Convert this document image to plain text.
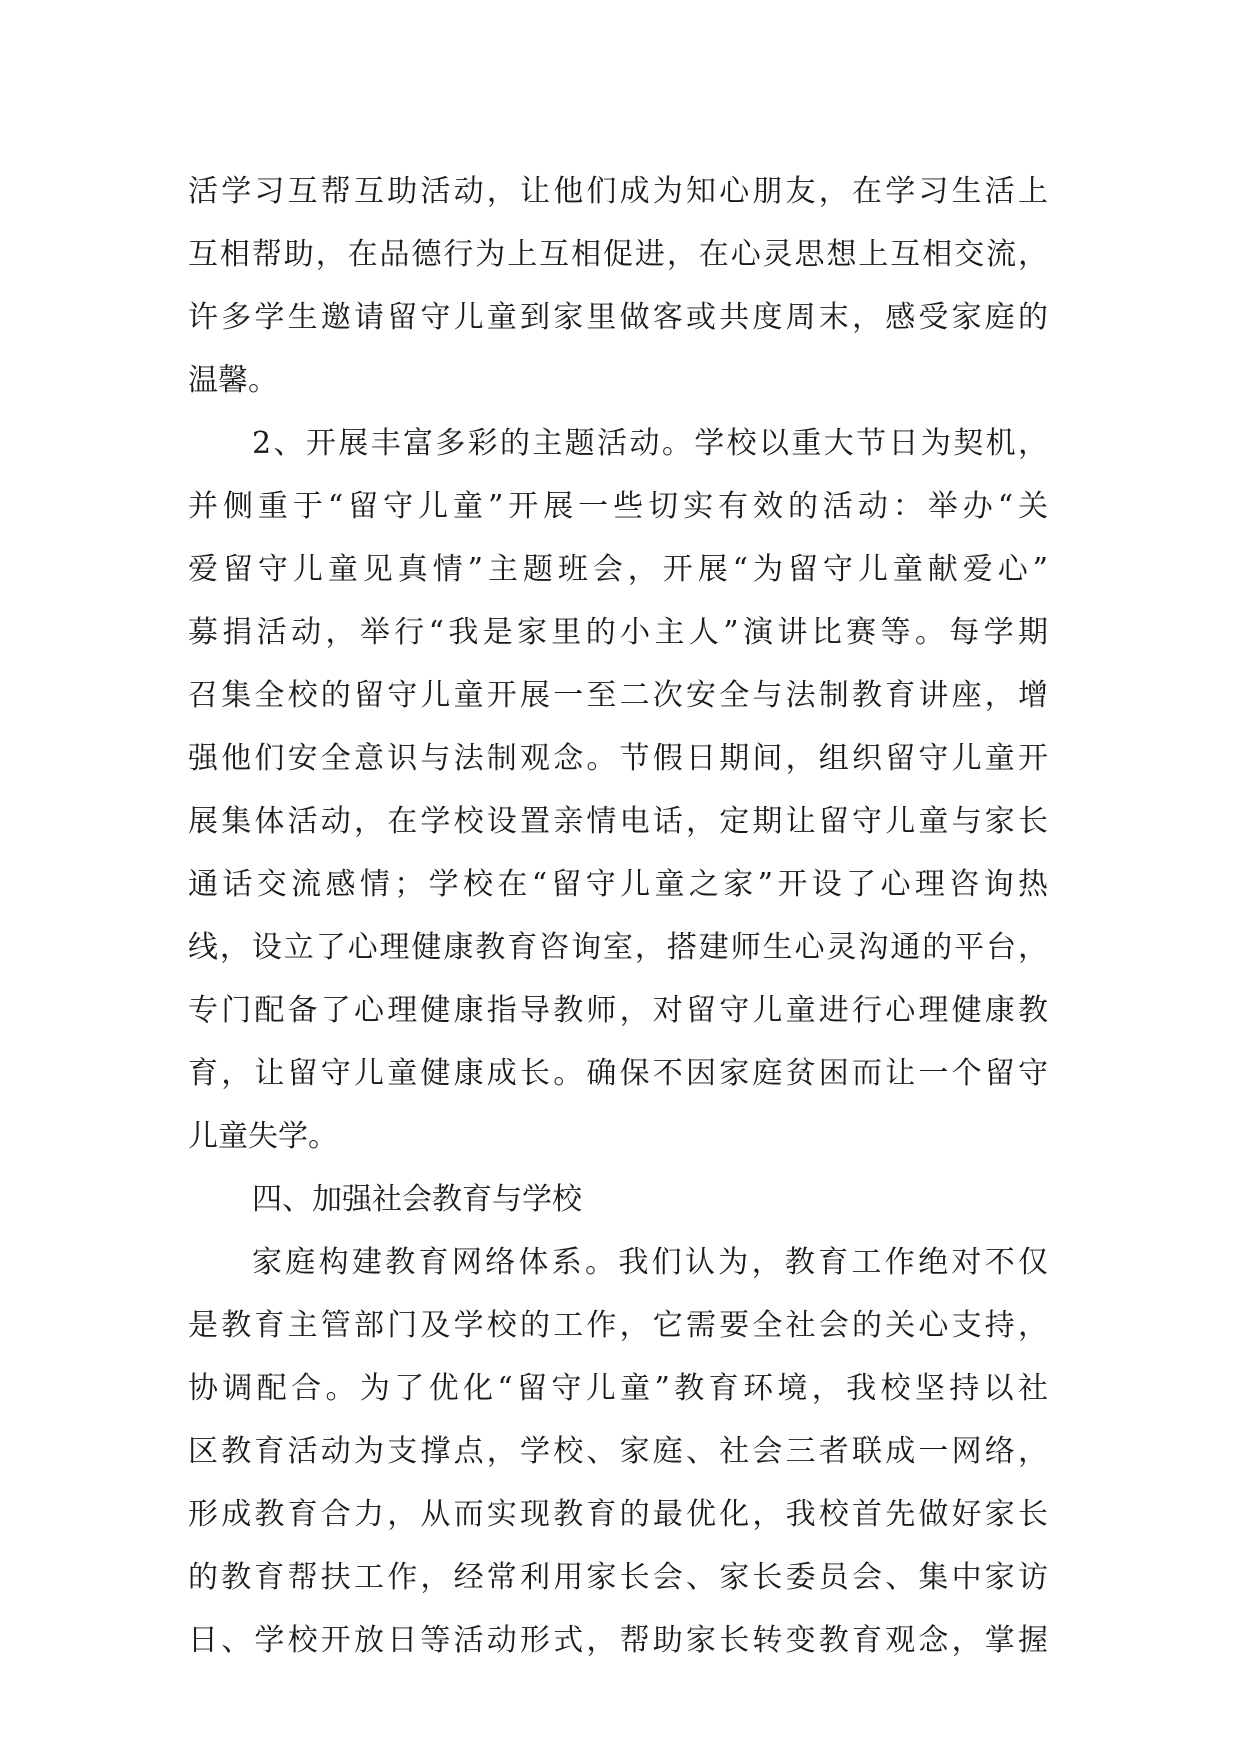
活学习互帮互助活动，让他们成为知心朋友，在学习生活上
互相帮助，在品德行为上互相促进，在心灵思想上互相交流，
许多学生邀请留守儿童到家里做客或共度周末，感受家庭的
温馨。
2、开展丰富多彩的主题活动。学校以重大节日为契机，
并侧重于“留守儿童”开展一些切实有效的活动：举办“关
爱留守儿童见真情”主题班会，开展“为留守儿童献爱心”
募捐活动，举行“我是家里的小主人”演讲比赛等。每学期
召集全校的留守儿童开展一至二次安全与法制教育讲座，增
强他们安全意识与法制观念。节假日期间，组织留守儿童开
展集体活动，在学校设置亲情电话，定期让留守儿童与家长
通话交流感情；学校在“留守儿童之家”开设了心理咨询热
线，设立了心理健康教育咨询室，搭建师生心灵沟通的平台，
专门配备了心理健康指导教师，对留守儿童进行心理健康教
育，让留守儿童健康成长。确保不因家庭贫困而让一个留守
儿童失学。
四、加强社会教育与学校
家庭构建教育网络体系。我们认为，教育工作绝对不仅
是教育主管部门及学校的工作，它需要全社会的关心支持，
协调配合。为了优化“留守儿童”教育环境，我校坚持以社
区教育活动为支撑点，学校、家庭、社会三者联成一网络，
形成教育合力，从而实现教育的最优化，我校首先做好家长
的教育帮扶工作，经常利用家长会、家长委员会、集中家访
日、学校开放日等活动形式，帮助家长转变教育观念，掌握
